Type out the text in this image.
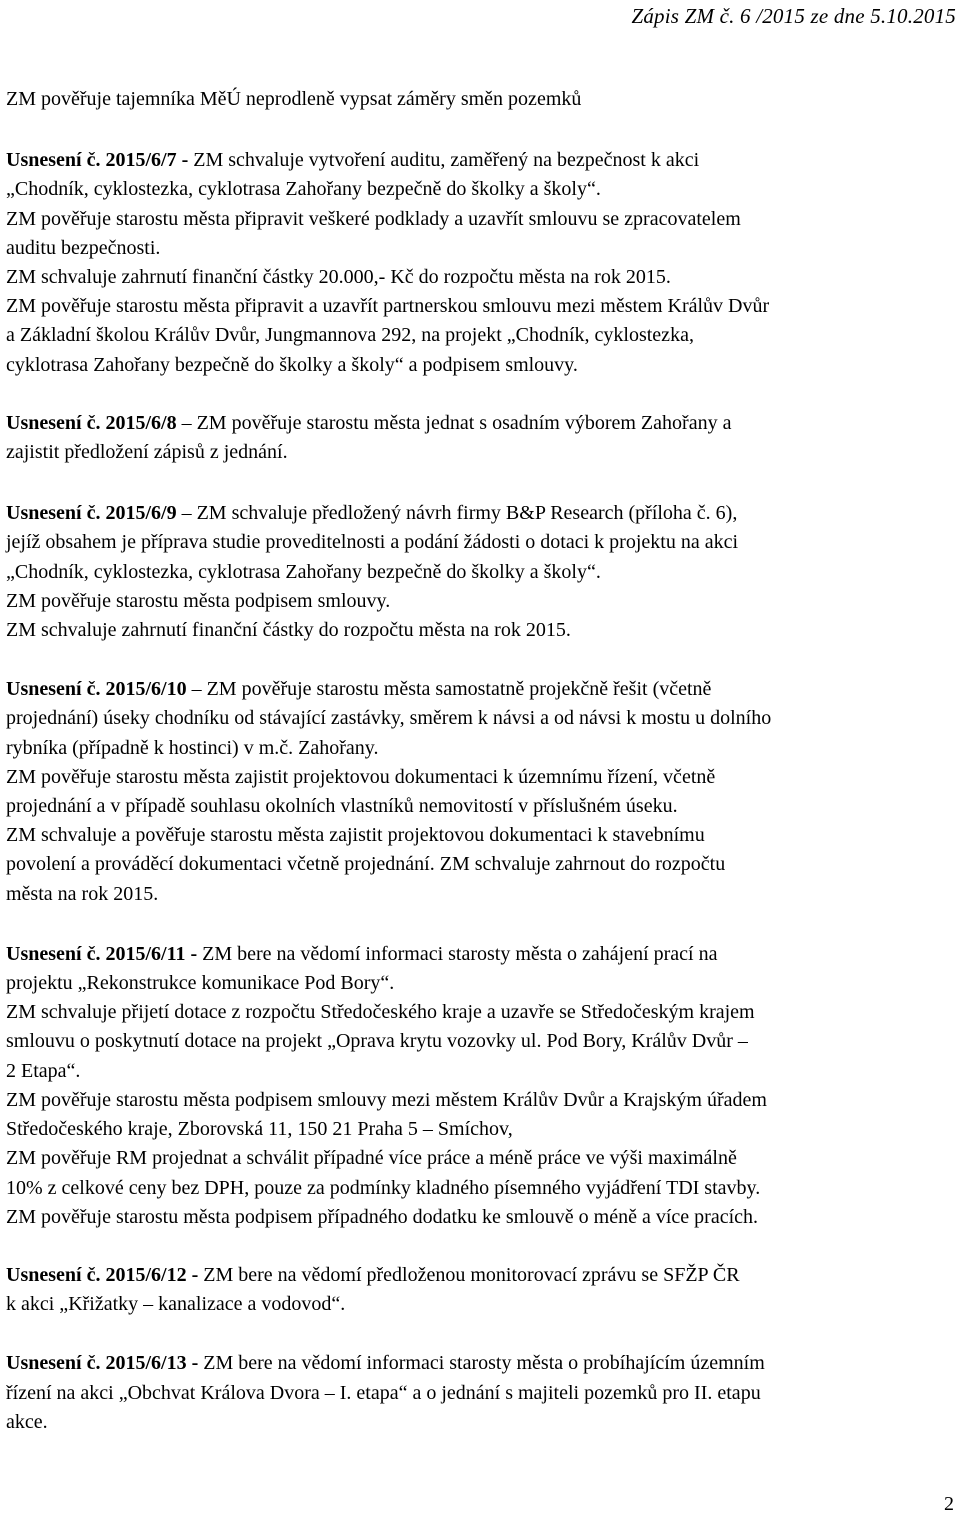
Zápis ZM č. 6 /2015 ze dne 5.10.2015
ZM pověřuje tajemníka MěÚ neprodleně vypsat záměry směn pozemků
Usnesení č. 2015/6/7 - ZM schvaluje vytvoření auditu, zaměřený na bezpečnost k akci
„Chodník, cyklostezka, cyklotrasa Zahořany bezpečně do školky a školy“.
ZM pověřuje starostu města připravit veškeré podklady a uzavřít smlouvu se zpracovatelem
auditu bezpečnosti.
ZM schvaluje zahrnutí finanční částky 20.000,- Kč do rozpočtu města na rok 2015.
ZM pověřuje starostu města připravit a uzavřít partnerskou smlouvu mezi městem Králův Dvůr
a Základní školou Králův Dvůr, Jungmannova 292, na projekt „Chodník, cyklostezka,
cyklotrasa Zahořany bezpečně do školky a školy“ a podpisem smlouvy.
Usnesení č. 2015/6/8 – ZM pověřuje starostu města jednat s osadním výborem Zahořany a
zajistit předložení zápisů z jednání.
Usnesení č. 2015/6/9 – ZM schvaluje předložený návrh firmy B&P Research (příloha č. 6),
jejíž obsahem je příprava studie proveditelnosti a podání žádosti o dotaci k projektu na akci
„Chodník, cyklostezka, cyklotrasa Zahořany bezpečně do školky a školy“.
ZM pověřuje starostu města podpisem smlouvy.
ZM schvaluje zahrnutí finanční částky do rozpočtu města na rok 2015.
Usnesení č. 2015/6/10 – ZM pověřuje starostu města samostatně projekčně řešit (včetně
projednání) úseky chodníku od stávající zastávky, směrem k návsi a od návsi k mostu u dolního
rybníka (případně k hostinci) v m.č. Zahořany.
ZM pověřuje starostu města zajistit projektovou dokumentaci k územnímu řízení, včetně
projednání a v případě souhlasu okolních vlastníků nemovitostí v příslušném úseku.
ZM schvaluje a pověřuje starostu města zajistit projektovou dokumentaci k stavebnímu
povolení a prováděcí dokumentaci včetně projednání. ZM schvaluje zahrnout do rozpočtu
města na rok 2015.
Usnesení č. 2015/6/11 - ZM bere na vědomí informaci starosty města o zahájení prací na
projektu „Rekonstrukce komunikace Pod Bory“.
ZM schvaluje přijetí dotace z rozpočtu Středočeského kraje a uzavře se Středočeským krajem
smlouvu o poskytnutí dotace na projekt „Oprava krytu vozovky ul. Pod Bory, Králův Dvůr –
2 Etapa“.
ZM pověřuje starostu města podpisem smlouvy mezi městem Králův Dvůr a Krajským úřadem
Středočeského kraje, Zborovská 11, 150 21 Praha 5 – Smíchov,
ZM pověřuje RM projednat a schválit případné více práce a méně práce ve výši maximálně
10% z celkové ceny bez DPH, pouze za podmínky kladného písemného vyjádření TDI stavby.
ZM pověřuje starostu města podpisem případného dodatku ke smlouvě o méně a více pracích.
Usnesení č. 2015/6/12 - ZM bere na vědomí předloženou monitorovací zprávu se SFŽP ČR
k akci „Křižatky – kanalizace a vodovod“.
Usnesení č. 2015/6/13 - ZM bere na vědomí informaci starosty města o probíhajícím územním
řízení na akci „Obchvat Králova Dvora – I. etapa“ a o jednání s majiteli pozemků pro II. etapu
akce.
2
